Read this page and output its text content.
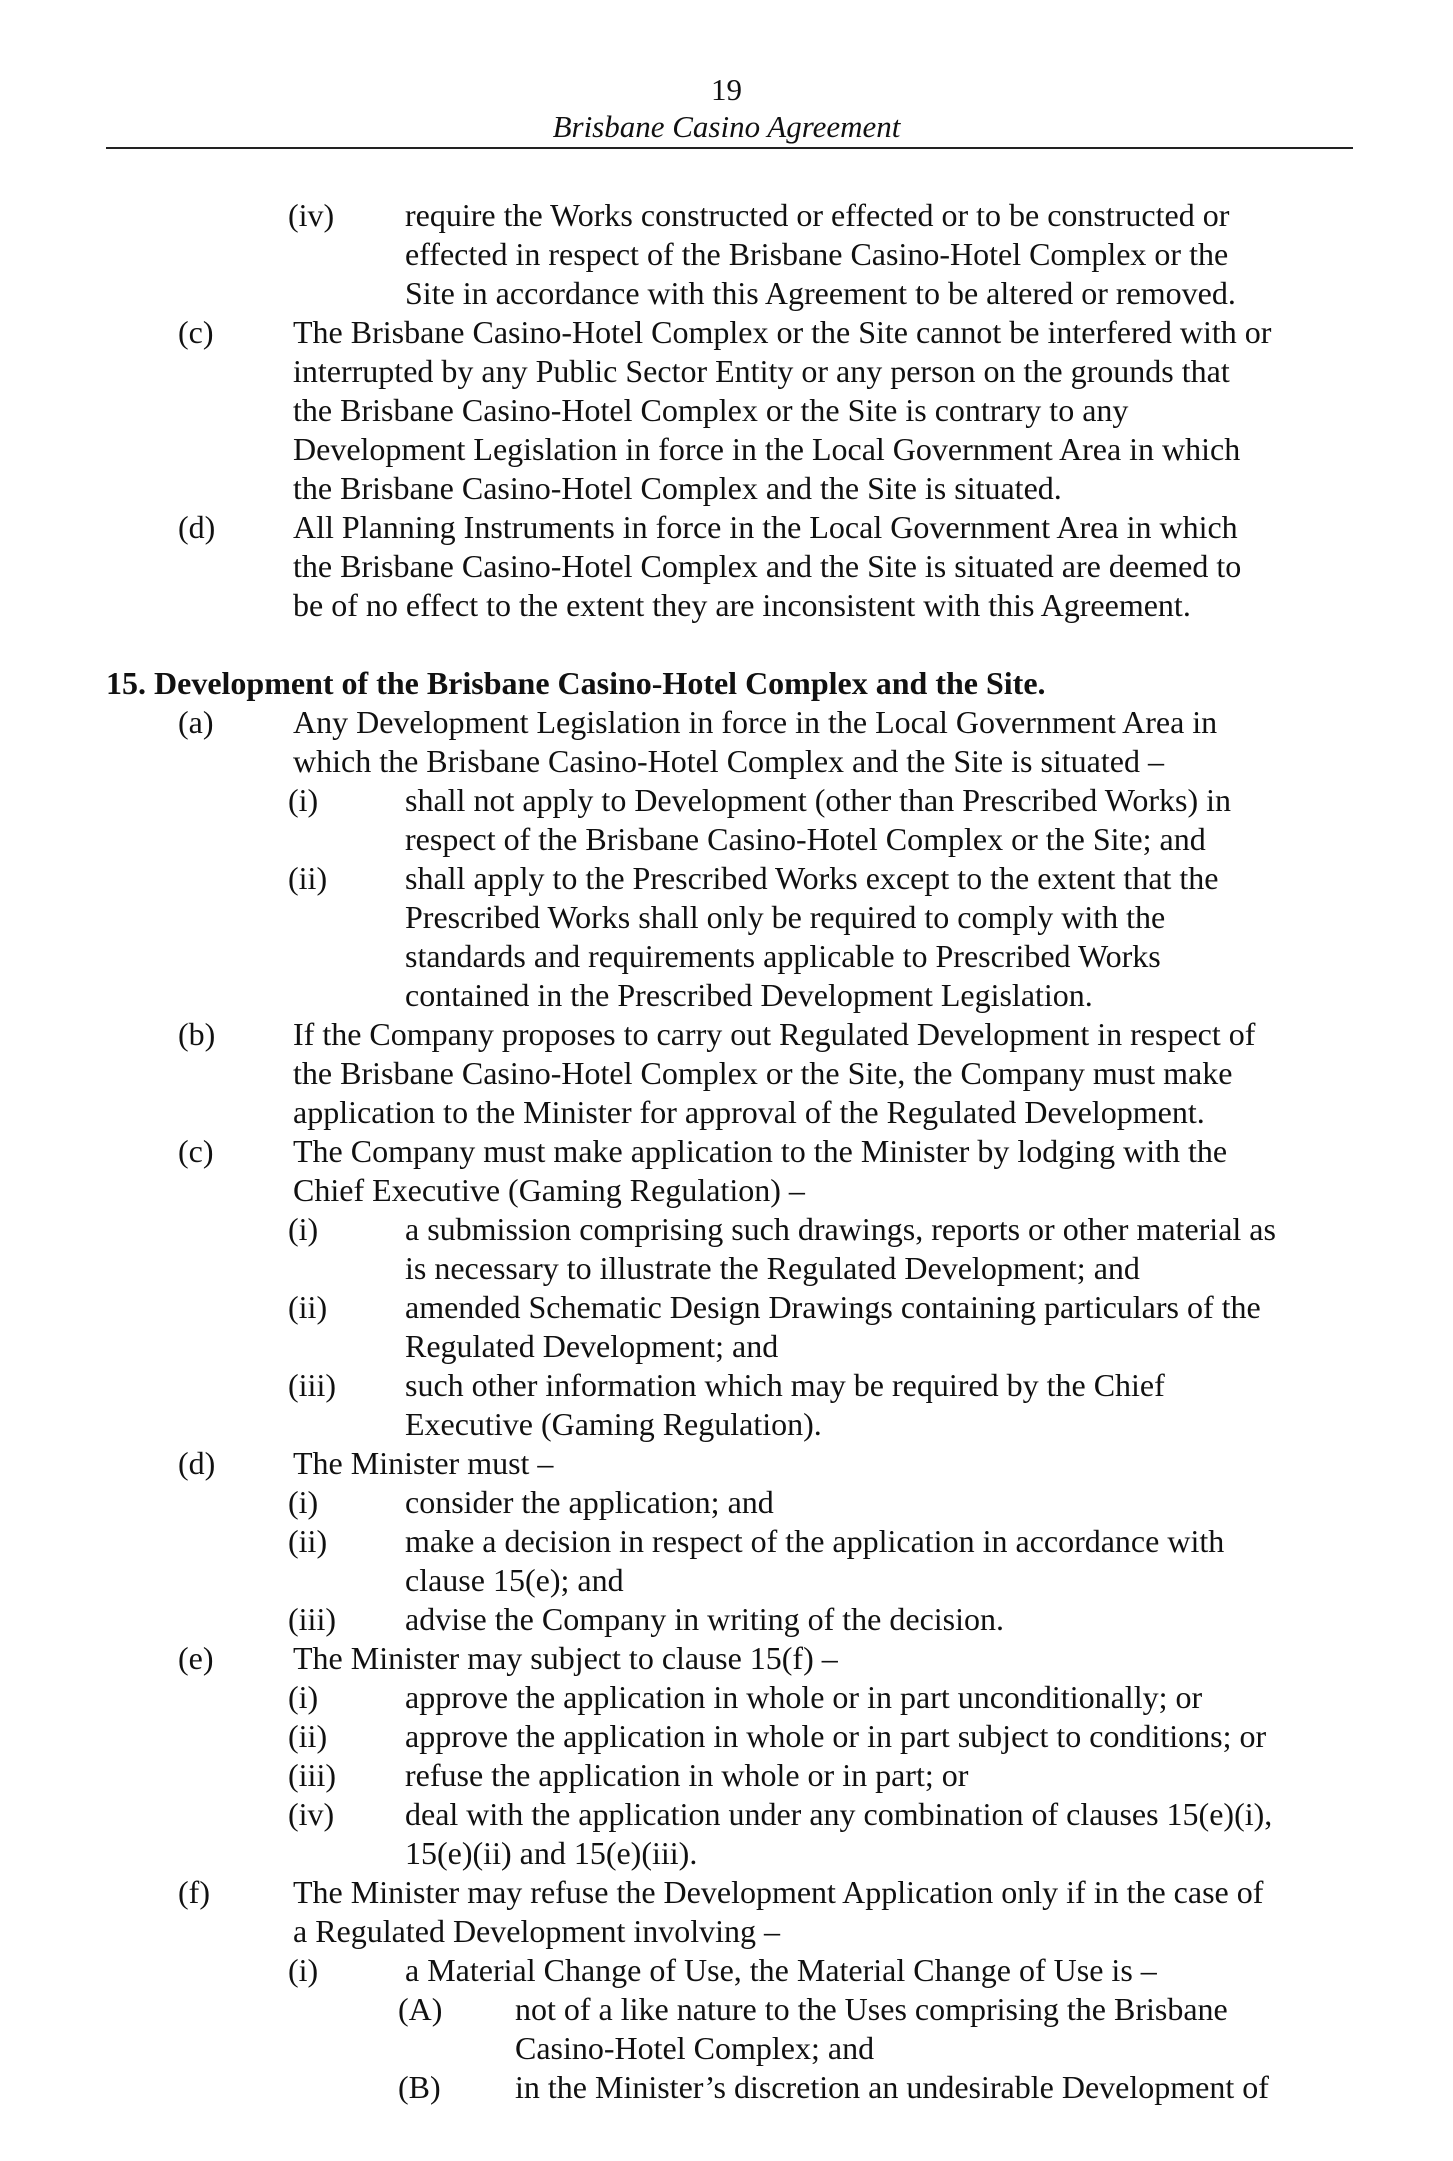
19
Brisbane Casino Agreement
(iv) require the Works constructed or effected or to be constructed or
effected in respect of the Brisbane Casino-Hotel Complex or the
Site in accordance with this Agreement to be altered or removed.
(c) The Brisbane Casino-Hotel Complex or the Site cannot be interfered with or
interrupted by any Public Sector Entity or any person on the grounds that
the Brisbane Casino-Hotel Complex or the Site is contrary to any
Development Legislation in force in the Local Government Area in which
the Brisbane Casino-Hotel Complex and the Site is situated.
(d) All Planning Instruments in force in the Local Government Area in which
the Brisbane Casino-Hotel Complex and the Site is situated are deemed to
be of no effect to the extent they are inconsistent with this Agreement.
15. Development of the Brisbane Casino-Hotel Complex and the Site.
(a) Any Development Legislation in force in the Local Government Area in
which the Brisbane Casino-Hotel Complex and the Site is situated –
(i)	shall not apply to Development (other than Prescribed Works) in
respect of the Brisbane Casino-Hotel Complex or the Site; and
(ii) shall apply to the Prescribed Works except to the extent that the
Prescribed Works shall only be required to comply with the
standards and requirements applicable to Prescribed Works
contained in the Prescribed Development Legislation.
(b) If the Company proposes to carry out Regulated Development in respect of
the Brisbane Casino-Hotel Complex or the Site, the Company must make
application to the Minister for approval of the Regulated Development.
(c) The Company must make application to the Minister by lodging with the
Chief Executive (Gaming Regulation) –
(i)	a submission comprising such drawings, reports or other material as
is necessary to illustrate the Regulated Development; and
(ii) amended Schematic Design Drawings containing particulars of the
Regulated Development; and
(iii) such other information which may be required by the Chief
Executive (Gaming Regulation).
(d) The Minister must –
(i)	consider the application; and
(ii) make a decision in respect of the application in accordance with
clause 15(e); and
(iii) advise the Company in writing of the decision.
(e) The Minister may subject to clause 15(f) –
(i)	approve the application in whole or in part unconditionally; or
(ii) approve the application in whole or in part subject to conditions; or
(iii) refuse the application in whole or in part; or
(iv) deal with the application under any combination of clauses 15(e)(i),
15(e)(ii) and 15(e)(iii).
(f)	The Minister may refuse the Development Application only if in the case of
a Regulated Development involving –
(i)	a Material Change of Use, the Material Change of Use is –
(A) not of a like nature to the Uses comprising the Brisbane
Casino-Hotel Complex; and
(B) in the Minister’s discretion an undesirable Development of
